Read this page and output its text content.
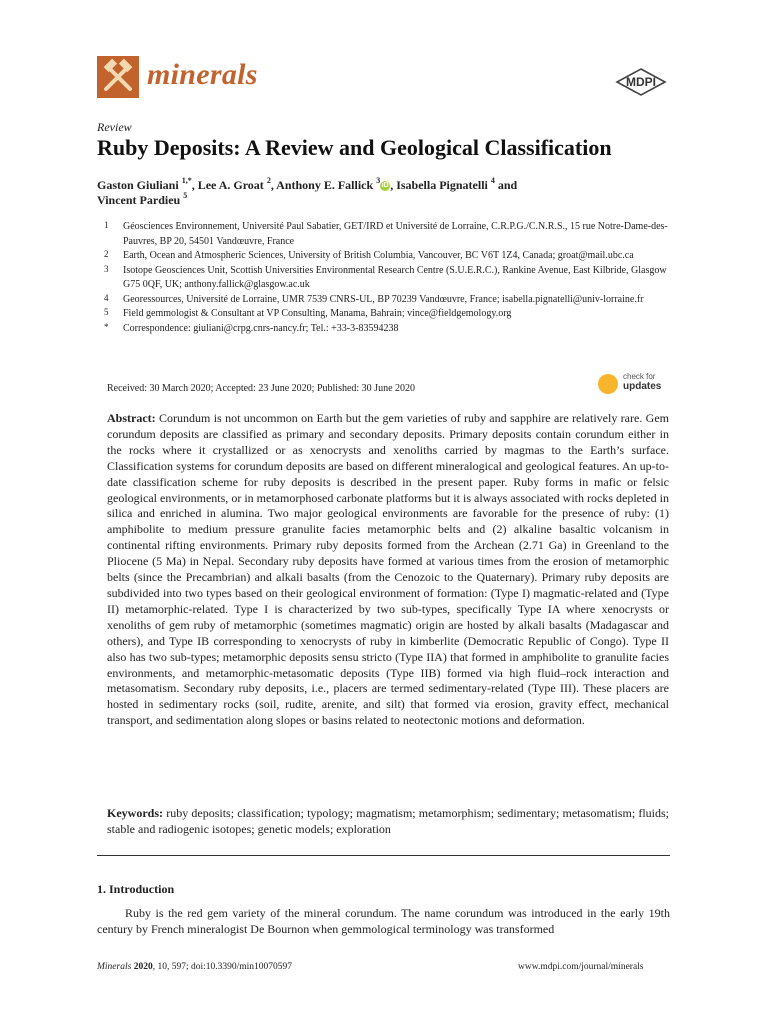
minerals	MDPI
Review
Ruby Deposits: A Review and Geological Classification
Gaston Giuliani $^{1,*}$, Lee A. Groat $^2$, Anthony E. Fallick $^3$iD , Isabella Pignatelli $^4$ and
Vincent Pardieu $^5$
1	Géosciences Environnement, Université Paul Sabatier, GET/IRD et Université de Lorraine, C.R.P.G./C.N.R.S., 15 rue Notre-Dame-des-Pauvres, BP 20, 54501 Vandœuvre, France
2	Earth, Ocean and Atmospheric Sciences, University of British Columbia, Vancouver, BC V6T 1Z4, Canada; groat@mail.ubc.ca
3	Isotope Geosciences Unit, Scottish Universities Environmental Research Centre (S.U.E.R.C.), Rankine Avenue, East Kilbride, Glasgow G75 0QF, UK; anthony.fallick@glasgow.ac.uk
4	Georessources, Université de Lorraine, UMR 7539 CNRS-UL, BP 70239 Vandœuvre, France; isabella.pignatelli@univ-lorraine.fr
5	Field gemmologist & Consultant at VP Consulting, Manama, Bahrain; vince@fieldgemology.org
*	Correspondence: giuliani@crpg.cnrs-nancy.fr; Tel.: +33-3-83594238
Received: 30 March 2020; Accepted: 23 June 2020; Published: 30 June 2020
check for
updates

Abstract: Corundum is not uncommon on Earth but the gem varieties of ruby and sapphire are relatively rare. Gem corundum deposits are classified as primary and secondary deposits. Primary deposits contain corundum either in the rocks where it crystallized or as xenocrysts and xenoliths carried by magmas to the Earth’s surface. Classification systems for corundum deposits are based on different mineralogical and geological features. An up-to-date classification scheme for ruby deposits is described in the present paper. Ruby forms in mafic or felsic geological environments, or in metamorphosed carbonate platforms but it is always associated with rocks depleted in silica and enriched in alumina. Two major geological environments are favorable for the presence of ruby: (1) amphibolite to medium pressure granulite facies metamorphic belts and (2) alkaline basaltic volcanism in continental rifting environments. Primary ruby deposits formed from the Archean (2.71 Ga) in Greenland to the Pliocene (5 Ma) in Nepal. Secondary ruby deposits have formed at various times from the erosion of metamorphic belts (since the Precambrian) and alkali basalts (from the Cenozoic to the Quaternary). Primary ruby deposits are subdivided into two types based on their geological environment of formation: (Type I) magmatic-related and (Type II) metamorphic-related. Type I is characterized by two sub-types, specifically Type IA where xenocrysts or xenoliths of gem ruby of metamorphic (sometimes magmatic) origin are hosted by alkali basalts (Madagascar and others), and Type IB corresponding to xenocrysts of ruby in kimberlite (Democratic Republic of Congo). Type II also has two sub-types; metamorphic deposits sensu stricto (Type IIA) that formed in amphibolite to granulite facies environments, and metamorphic-metasomatic deposits (Type IIB) formed via high fluid–rock interaction and metasomatism. Secondary ruby deposits, i.e., placers are termed sedimentary-related (Type III). These placers are hosted in sedimentary rocks (soil, rudite, arenite, and silt) that formed via erosion, gravity effect, mechanical transport, and sedimentation along slopes or basins related to neotectonic motions and deformation.

Keywords: ruby deposits; classification; typology; magmatism; metamorphism; sedimentary; metasomatism; fluids; stable and radiogenic isotopes; genetic models; exploration

1. Introduction

Ruby is the red gem variety of the mineral corundum. The name corundum was introduced in the early 19th century by French mineralogist De Bournon when gemmological terminology was transformed

Minerals 2020, 10, 597; doi:10.3390/min10070597	www.mdpi.com/journal/minerals
